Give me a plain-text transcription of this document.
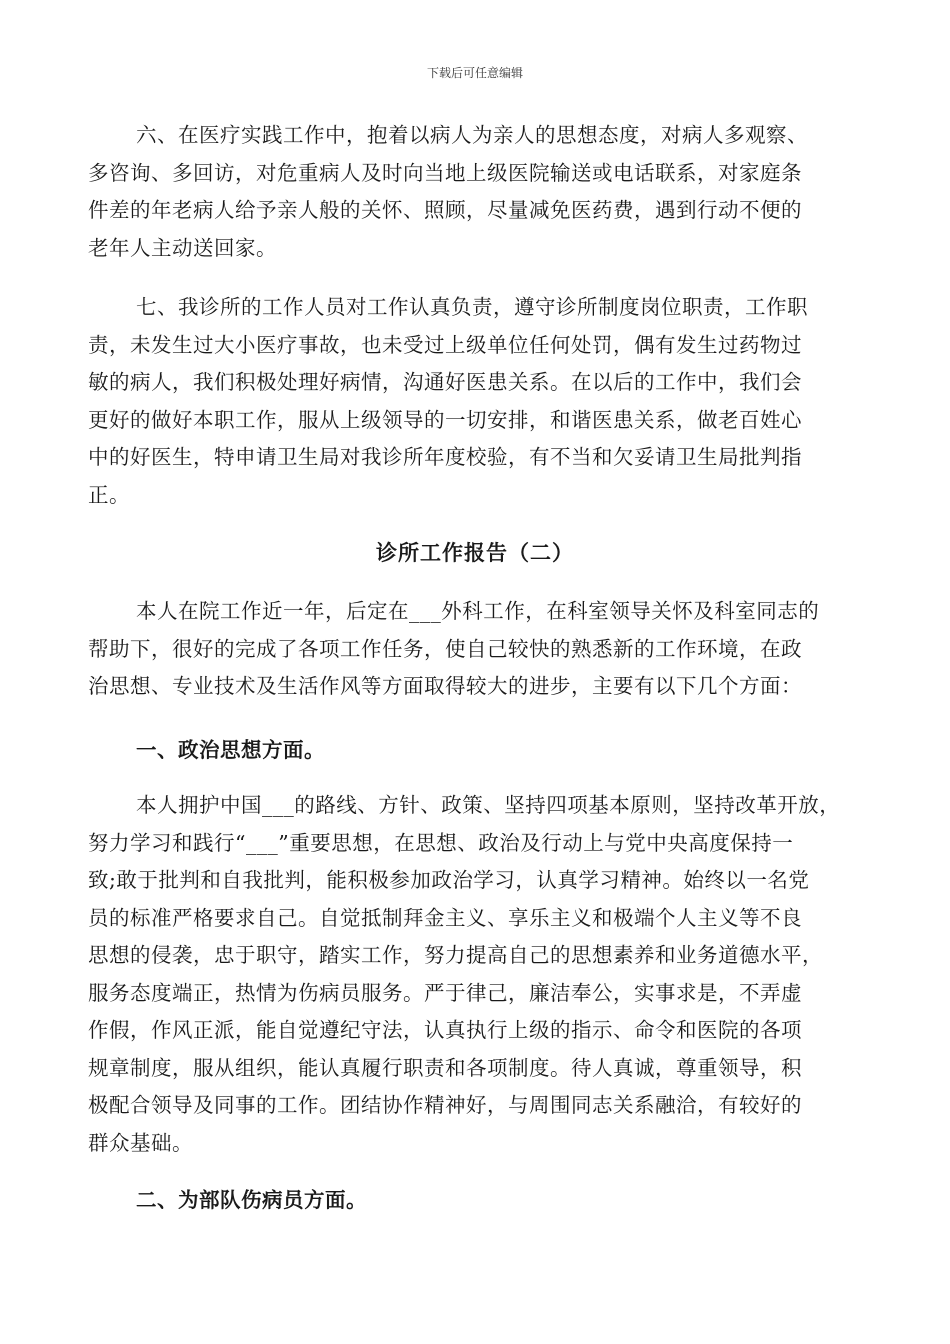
下载后可任意编辑
六、在医疗实践工作中，抱着以病人为亲人的思想态度，对病人多观察、
多咨询、多回访，对危重病人及时向当地上级医院输送或电话联系，对家庭条
件差的年老病人给予亲人般的关怀、照顾，尽量减免医药费，遇到行动不便的
老年人主动送回家。
七、我诊所的工作人员对工作认真负责，遵守诊所制度岗位职责，工作职
责，未发生过大小医疗事故，也未受过上级单位任何处罚，偶有发生过药物过
敏的病人，我们积极处理好病情，沟通好医患关系。在以后的工作中，我们会
更好的做好本职工作，服从上级领导的一切安排，和谐医患关系，做老百姓心
中的好医生，特申请卫生局对我诊所年度校验，有不当和欠妥请卫生局批判指
正。
诊所工作报告（二）
本人在院工作近一年，后定在___外科工作，在科室领导关怀及科室同志的
帮助下，很好的完成了各项工作任务，使自己较快的熟悉新的工作环境，在政
治思想、专业技术及生活作风等方面取得较大的进步，主要有以下几个方面：
一、政治思想方面。
本人拥护中国___的路线、方针、政策、坚持四项基本原则，坚持改革开放，
努力学习和践行“___”重要思想，在思想、政治及行动上与党中央高度保持一
致;敢于批判和自我批判，能积极参加政治学习，认真学习精神。始终以一名党
员的标准严格要求自己。自觉抵制拜金主义、享乐主义和极端个人主义等不良
思想的侵袭，忠于职守，踏实工作，努力提高自己的思想素养和业务道德水平，
服务态度端正，热情为伤病员服务。严于律己，廉洁奉公，实事求是，不弄虚
作假，作风正派，能自觉遵纪守法，认真执行上级的指示、命令和医院的各项
规章制度，服从组织，能认真履行职责和各项制度。待人真诚，尊重领导，积
极配合领导及同事的工作。团结协作精神好，与周围同志关系融洽，有较好的
群众基础。
二、为部队伤病员方面。
